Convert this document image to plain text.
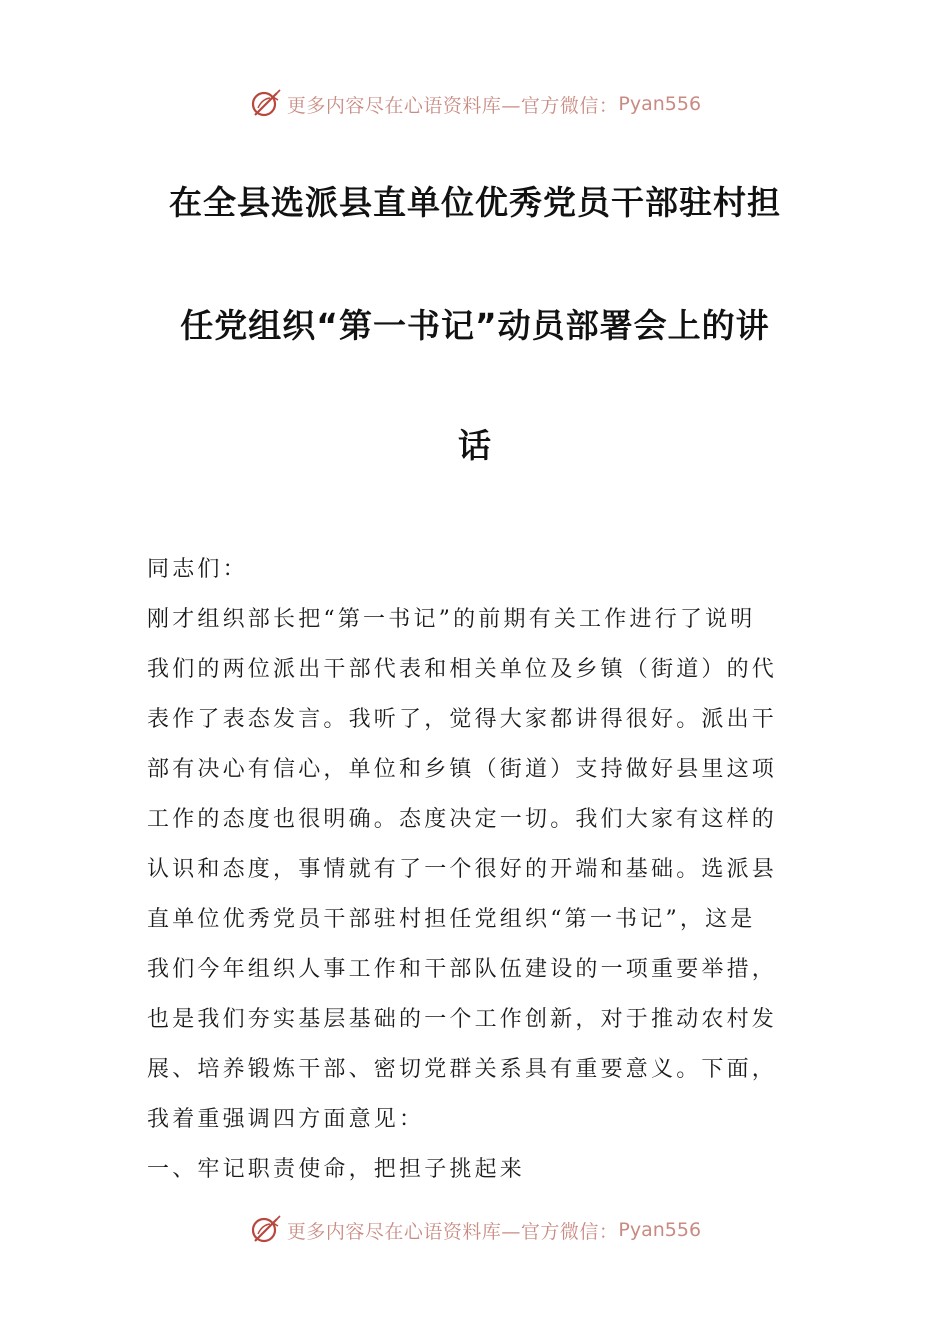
更多内容尽在心语资料库—官方微信： Pyan556
在全县选派县直单位优秀党员干部驻村担
任党组织“第一书记”动员部署会上的讲
话
同志们：
刚才组织部长把“第一书记”的前期有关工作进行了说明
我们的两位派出干部代表和相关单位及乡镇（街道）的代
表作了表态发言。我听了，觉得大家都讲得很好。派出干
部有决心有信心，单位和乡镇（街道）支持做好县里这项
工作的态度也很明确。态度决定一切。我们大家有这样的
认识和态度，事情就有了一个很好的开端和基础。选派县
直单位优秀党员干部驻村担任党组织“第一书记”，这是
我们今年组织人事工作和干部队伍建设的一项重要举措，
也是我们夯实基层基础的一个工作创新，对于推动农村发
展、培养锻炼干部、密切党群关系具有重要意义。下面，
我着重强调四方面意见：
一、牢记职责使命，把担子挑起来
更多内容尽在心语资料库—官方微信： Pyan556
